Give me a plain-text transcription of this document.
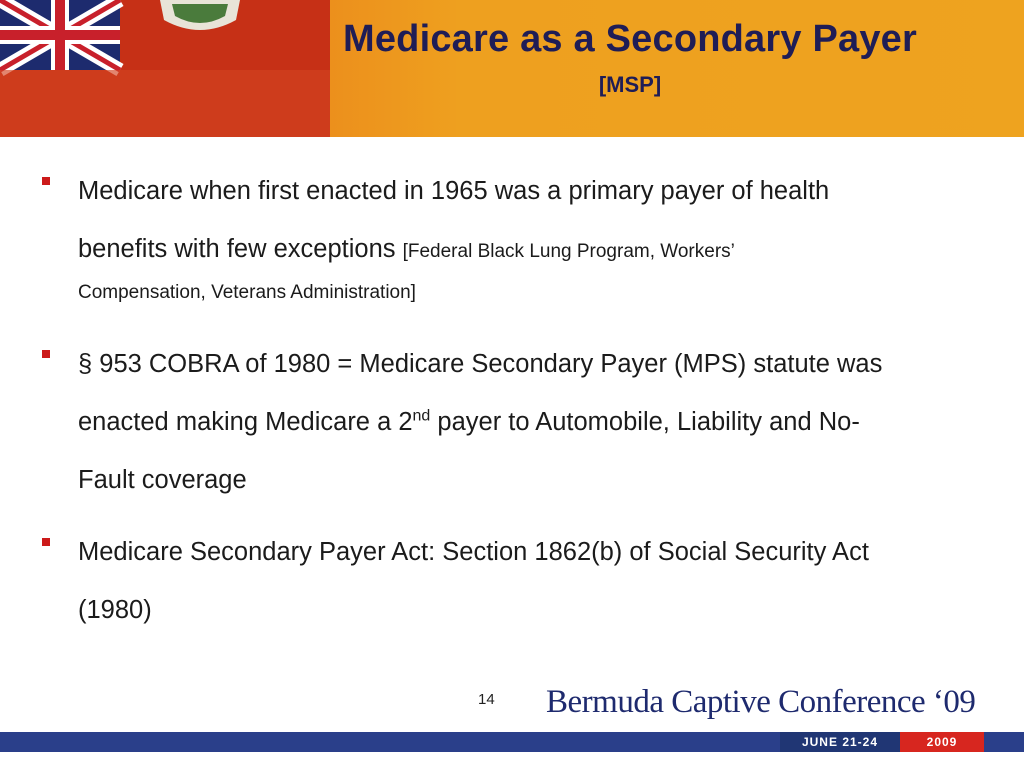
Medicare as a Secondary Payer
[MSP]
Medicare when first enacted in 1965 was a primary payer of health
benefits with few exceptions [Federal Black Lung Program, Workers’
Compensation, Veterans Administration]
§ 953 COBRA of 1980 = Medicare Secondary Payer (MPS) statute was
enacted making Medicare a 2nd payer to Automobile, Liability and No-
Fault coverage
Medicare Secondary Payer Act: Section 1862(b) of Social Security Act
(1980)
14 Bermuda Captive Conference ‘09
JUNE 21-24	2009
